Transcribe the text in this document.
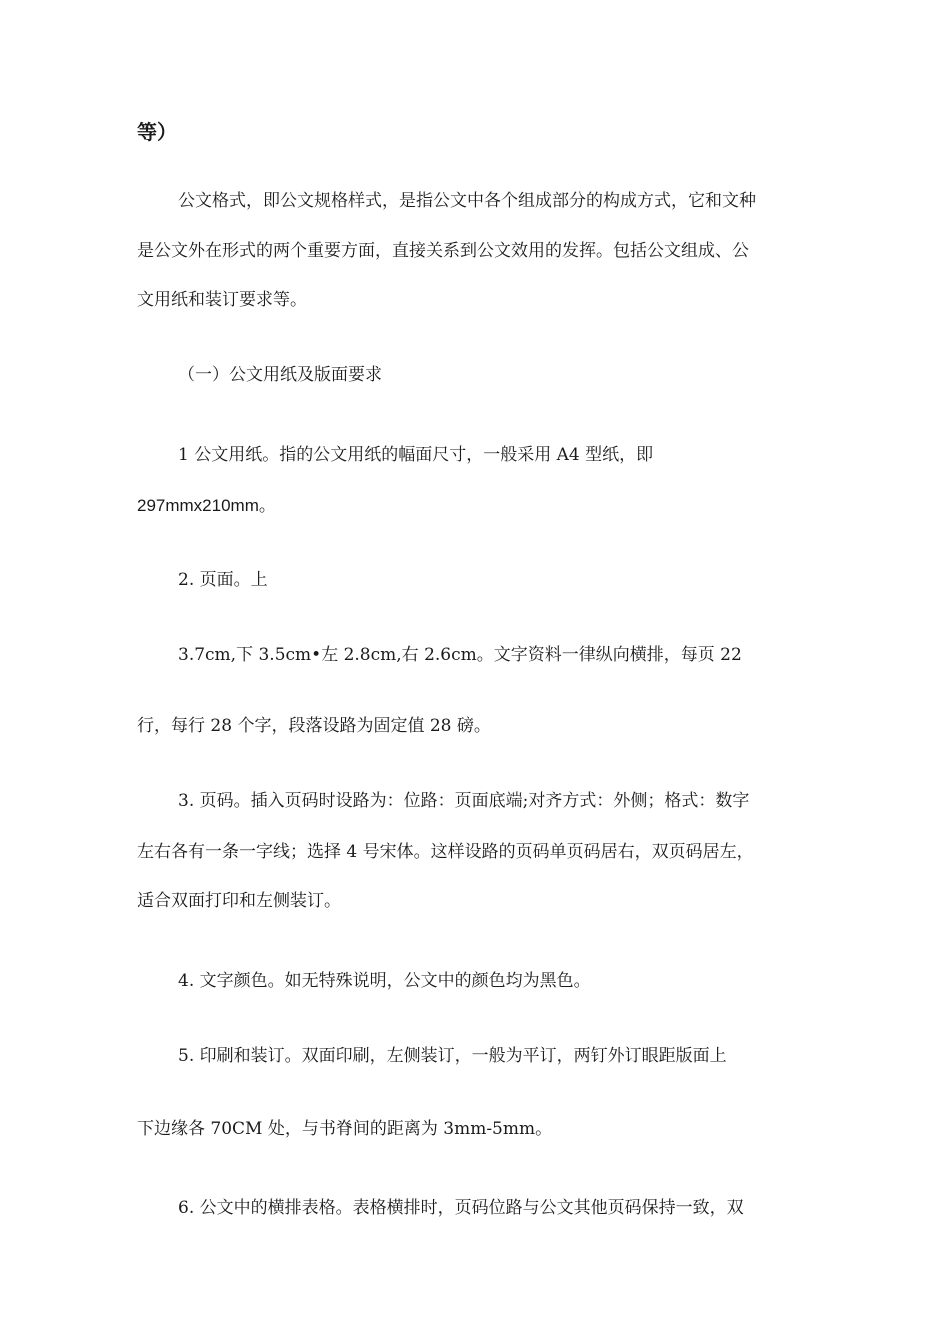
等）
公文格式，即公文规格样式，是指公文中各个组成部分的构成方式，它和文种
是公文外在形式的两个重要方面，直接关系到公文效用的发挥。包括公文组成、公
文用纸和装订要求等。
（一）公文用纸及版面要求
1 公文用纸。指的公文用纸的幅面尺寸，一般采用 A4 型纸，即
297mmx210mm。
2. 页面。上
3.7cm,下 3.5cm•左 2.8cm,右 2.6cm。文字资料一律纵向横排，每页 22
行，每行 28 个字，段落设路为固定值 28 磅。
3. 页码。插入页码时设路为：位路：页面底端;对齐方式：外侧；格式：数字
左右各有一条一字线；选择 4 号宋体。这样设路的页码单页码居右，双页码居左，
适合双面打印和左侧装订。
4. 文字颜色。如无特殊说明，公文中的颜色均为黑色。
5. 印刷和装订。双面印刷，左侧装订，一般为平订，两钉外订眼距版面上
下边缘各 70CM 处，与书脊间的距离为 3mm-5mm。
6. 公文中的横排表格。表格横排时，页码位路与公文其他页码保持一致，双
